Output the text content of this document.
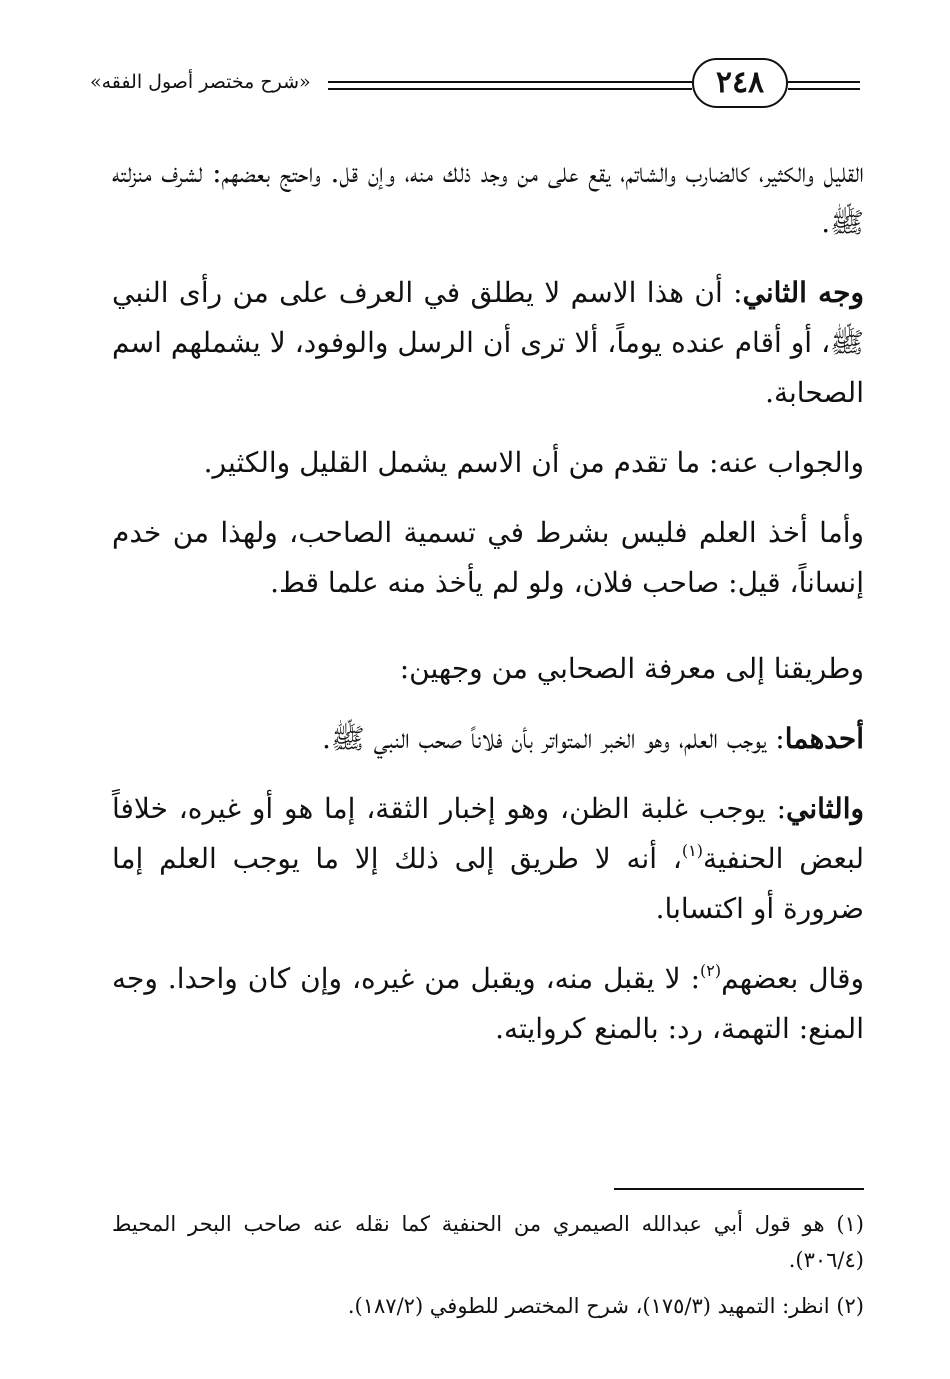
«شرح مختصر أصول الفقه»	٢٤٨

القليل والكثير، كالضارب والشاتم، يقع على من وجد ذلك منه، وإن قل. واحتج بعضهم: لشرف منزلته ﷺ.

وجه الثاني: أن هذا الاسم لا يطلق في العرف على من رأى النبي ﷺ، أو أقام عنده يوماً، ألا ترى أن الرسل والوفود، لا يشملهم اسم الصحابة.

والجواب عنه: ما تقدم من أن الاسم يشمل القليل والكثير.

وأما أخذ العلم فليس بشرط في تسمية الصاحب، ولهذا من خدم إنساناً، قيل: صاحب فلان، ولو لم يأخذ منه علما قط.

وطريقنا إلى معرفة الصحابي من وجهين:

أحدهما: يوجب العلم، وهو الخبر المتواتر بأن فلاناً صحب النبي ﷺ.

والثاني: يوجب غلبة الظن، وهو إخبار الثقة، إما هو أو غيره، خلافاً لبعض الحنفية$^{(١)}$، أنه لا طريق إلى ذلك إلا ما يوجب العلم إما ضرورة أو اكتسابا.

وقال بعضهم$^{(٢)}$: لا يقبل منه، ويقبل من غيره، وإن كان واحدا. وجه المنع: التهمة، رد: بالمنع كروايته.

(١) هو قول أبي عبدالله الصيمري من الحنفية كما نقله عنه صاحب البحر المحيط (٣٠٦/٤).

(٢) انظر: التمهيد (١٧٥/٣)، شرح المختصر للطوفي (١٨٧/٢).
